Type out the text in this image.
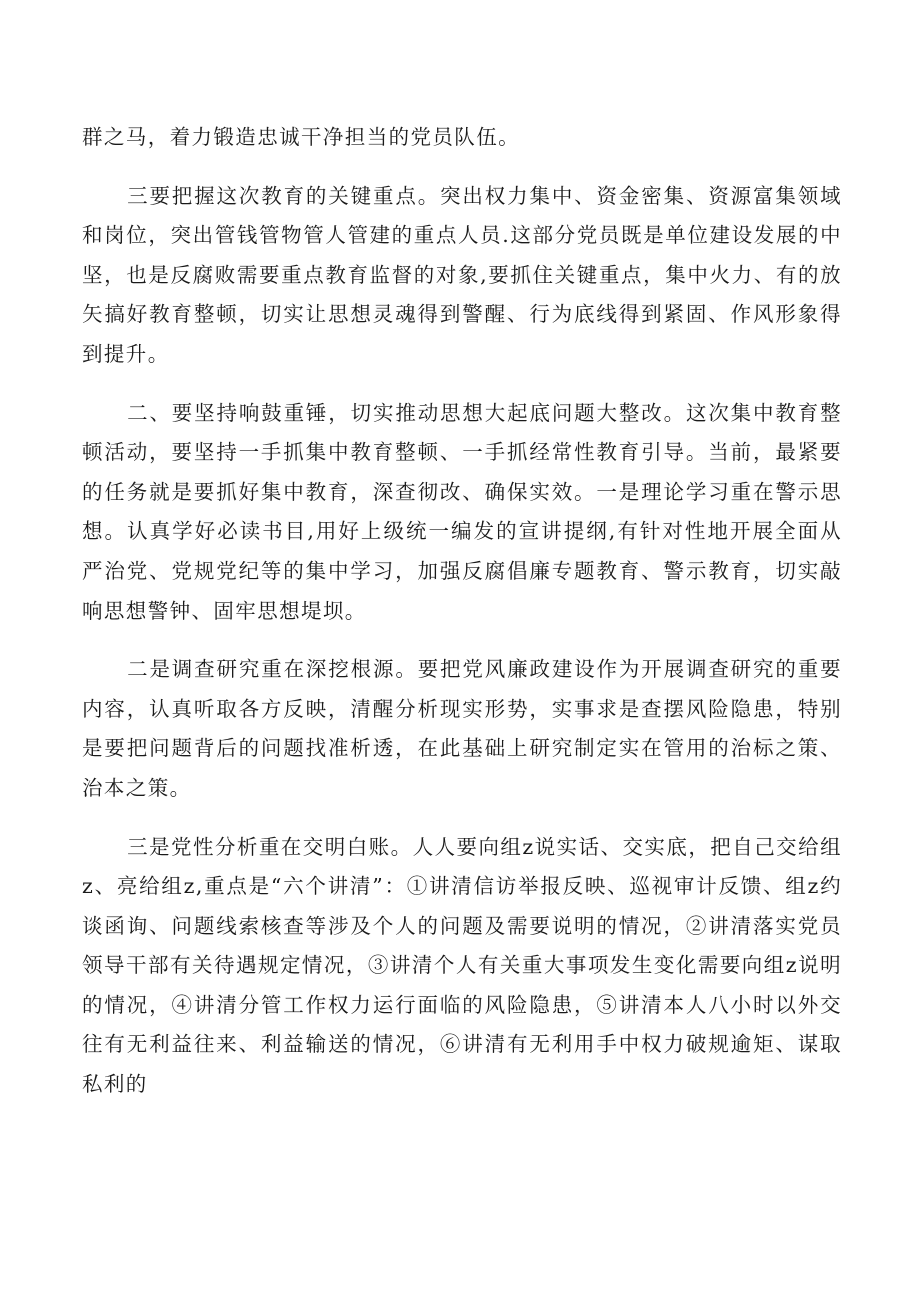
群之马，着力锻造忠诚干净担当的党员队伍。

三要把握这次教育的关键重点。突出权力集中、资金密集、资源富集领域和岗位，突出管钱管物管人管建的重点人员.这部分党员既是单位建设发展的中坚，也是反腐败需要重点教育监督的对象,要抓住关键重点，集中火力、有的放矢搞好教育整顿，切实让思想灵魂得到警醒、行为底线得到紧固、作风形象得到提升。

二、要坚持响鼓重锤，切实推动思想大起底问题大整改。这次集中教育整顿活动，要坚持一手抓集中教育整顿、一手抓经常性教育引导。当前，最紧要的任务就是要抓好集中教育，深查彻改、确保实效。一是理论学习重在警示思想。认真学好必读书目,用好上级统一编发的宣讲提纲,有针对性地开展全面从严治党、党规党纪等的集中学习，加强反腐倡廉专题教育、警示教育，切实敲响思想警钟、固牢思想堤坝。

二是调查研究重在深挖根源。要把党风廉政建设作为开展调查研究的重要内容，认真听取各方反映，清醒分析现实形势，实事求是查摆风险隐患，特别是要把问题背后的问题找准析透，在此基础上研究制定实在管用的治标之策、治本之策。

三是党性分析重在交明白账。人人要向组z说实话、交实底，把自己交给组z、亮给组z,重点是“六个讲清”：①讲清信访举报反映、巡视审计反馈、组z约谈函询、问题线索核查等涉及个人的问题及需要说明的情况，②讲清落实党员领导干部有关待遇规定情况，③讲清个人有关重大事项发生变化需要向组z说明的情况，④讲清分管工作权力运行面临的风险隐患，⑤讲清本人八小时以外交往有无利益往来、利益输送的情况，⑥讲清有无利用手中权力破规逾矩、谋取私利的
